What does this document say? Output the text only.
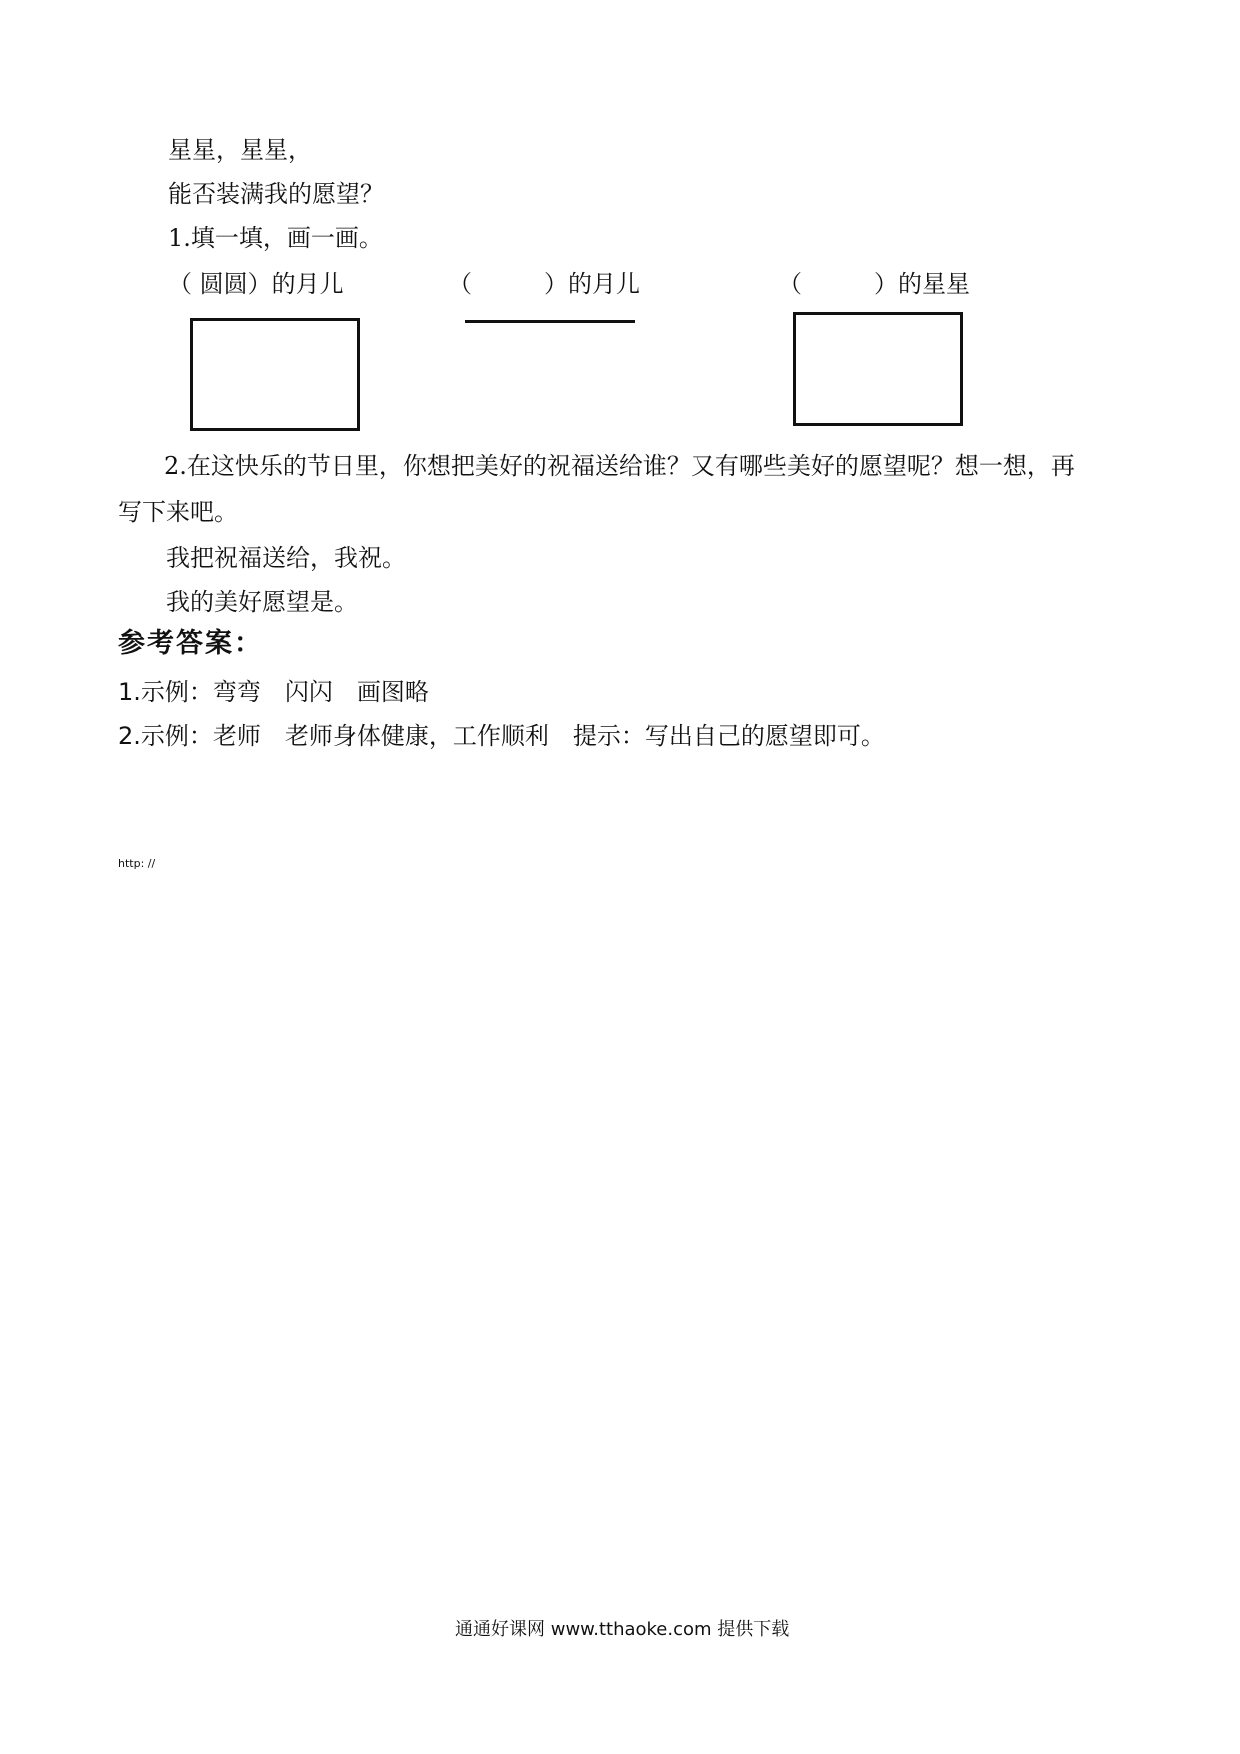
星星，星星，
能否装满我的愿望？
1.填一填，画一画。
（ 圆圆）的月儿	（　　　）的月儿	（　　　）的星星
2.在这快乐的节日里，你想把美好的祝福送给谁？又有哪些美好的愿望呢？想一想，再
写下来吧。
我把祝福送给，我祝。
我的美好愿望是。
参考答案：
1.示例：弯弯　闪闪　画图略
2.示例：老师　老师身体健康，工作顺利　提示：写出自己的愿望即可。
http: //
通通好课网 www.tthaoke.com 提供下载
